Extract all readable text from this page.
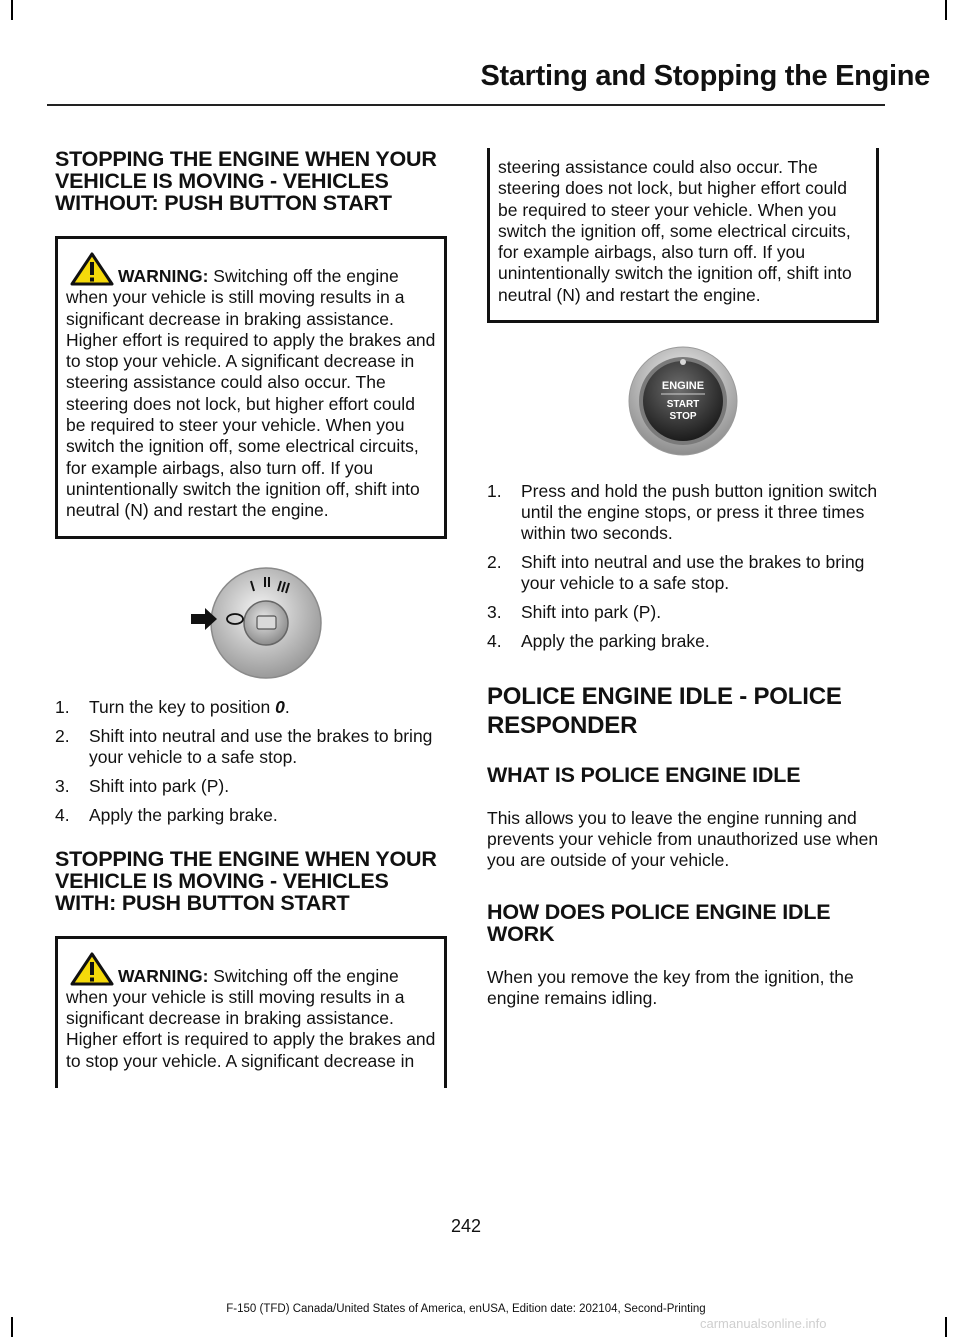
Starting and Stopping the Engine
STOPPING THE ENGINE WHEN YOUR VEHICLE IS MOVING - VEHICLES WITHOUT: PUSH BUTTON START
WARNING: Switching off the engine when your vehicle is still moving results in a significant decrease in braking assistance. Higher effort is required to apply the brakes and to stop your vehicle. A significant decrease in steering assistance could also occur. The steering does not lock, but higher effort could be required to steer your vehicle. When you switch the ignition off, some electrical circuits, for example airbags, also turn off. If you unintentionally switch the ignition off, shift into neutral (N) and restart the engine.
1. Turn the key to position 0.
2. Shift into neutral and use the brakes to bring your vehicle to a safe stop.
3. Shift into park (P).
4. Apply the parking brake.
STOPPING THE ENGINE WHEN YOUR VEHICLE IS MOVING - VEHICLES WITH: PUSH BUTTON START
WARNING: Switching off the engine when your vehicle is still moving results in a significant decrease in braking assistance. Higher effort is required to apply the brakes and to stop your vehicle. A significant decrease in
steering assistance could also occur. The steering does not lock, but higher effort could be required to steer your vehicle. When you switch the ignition off, some electrical circuits, for example airbags, also turn off. If you unintentionally switch the ignition off, shift into neutral (N) and restart the engine.
ENGINE
START
STOP
1. Press and hold the push button ignition switch until the engine stops, or press it three times within two seconds.
2. Shift into neutral and use the brakes to bring your vehicle to a safe stop.
3. Shift into park (P).
4. Apply the parking brake.
POLICE ENGINE IDLE - POLICE RESPONDER
WHAT IS POLICE ENGINE IDLE

This allows you to leave the engine running and prevents your vehicle from unauthorized use when you are outside of your vehicle.

HOW DOES POLICE ENGINE IDLE WORK

When you remove the key from the ignition, the engine remains idling.

242
F-150 (TFD) Canada/United States of America, enUSA, Edition date: 202104, Second-Printing
carmanualsonline.info
